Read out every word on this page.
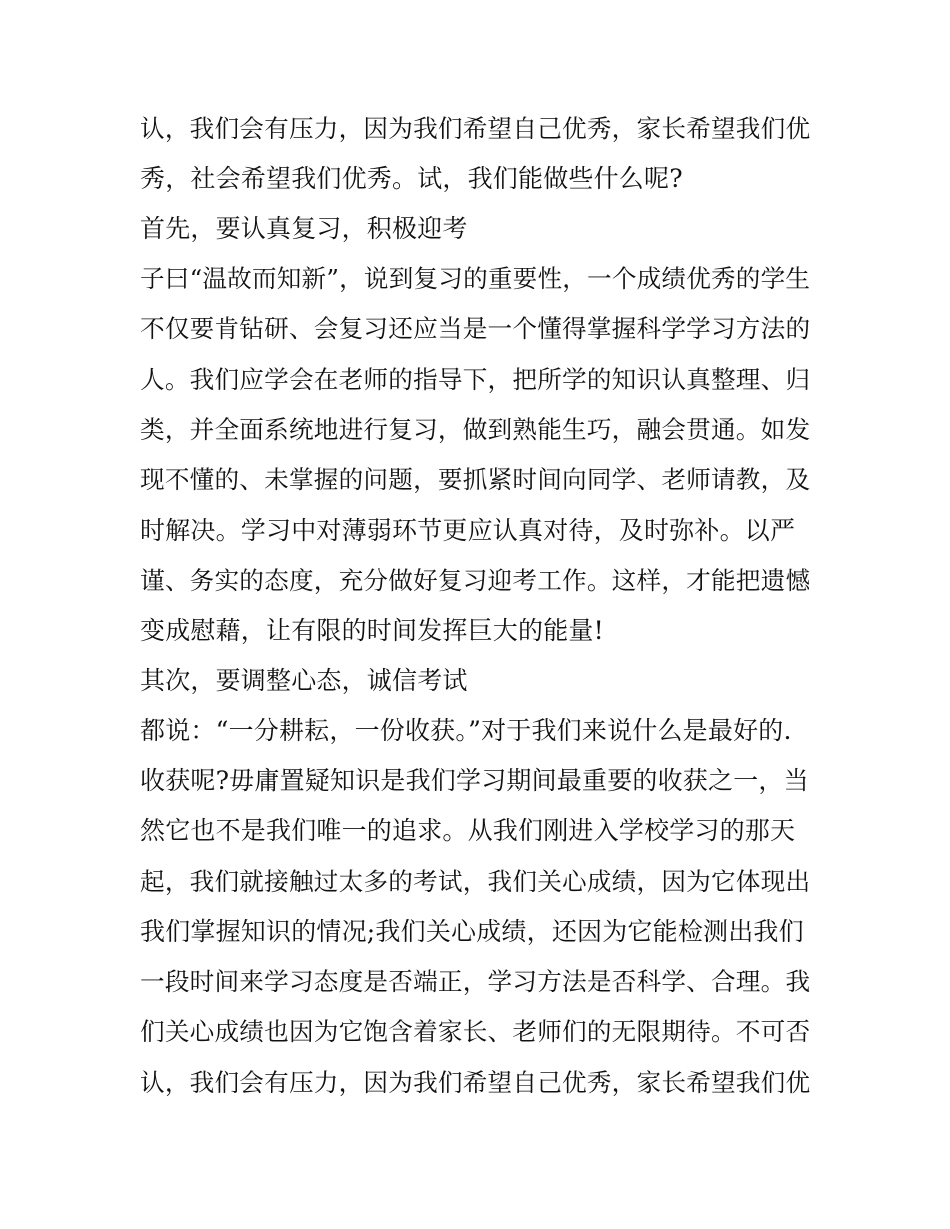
认，我们会有压力，因为我们希望自己优秀，家长希望我们优
秀，社会希望我们优秀。试，我们能做些什么呢?
首先，要认真复习，积极迎考
子曰“温故而知新”，说到复习的重要性，一个成绩优秀的学生
不仅要肯钻研、会复习还应当是一个懂得掌握科学学习方法的
人。我们应学会在老师的指导下，把所学的知识认真整理、归
类，并全面系统地进行复习，做到熟能生巧，融会贯通。如发
现不懂的、未掌握的问题，要抓紧时间向同学、老师请教，及
时解决。学习中对薄弱环节更应认真对待，及时弥补。以严
谨、务实的态度，充分做好复习迎考工作。这样，才能把遗憾
变成慰藉，让有限的时间发挥巨大的能量!
其次，要调整心态，诚信考试
都说：“一分耕耘，一份收获。”对于我们来说什么是最好的.
收获呢?毋庸置疑知识是我们学习期间最重要的收获之一，当
然它也不是我们唯一的追求。从我们刚进入学校学习的那天
起，我们就接触过太多的考试，我们关心成绩，因为它体现出
我们掌握知识的情况;我们关心成绩，还因为它能检测出我们
一段时间来学习态度是否端正，学习方法是否科学、合理。我
们关心成绩也因为它饱含着家长、老师们的无限期待。不可否
认，我们会有压力，因为我们希望自己优秀，家长希望我们优
